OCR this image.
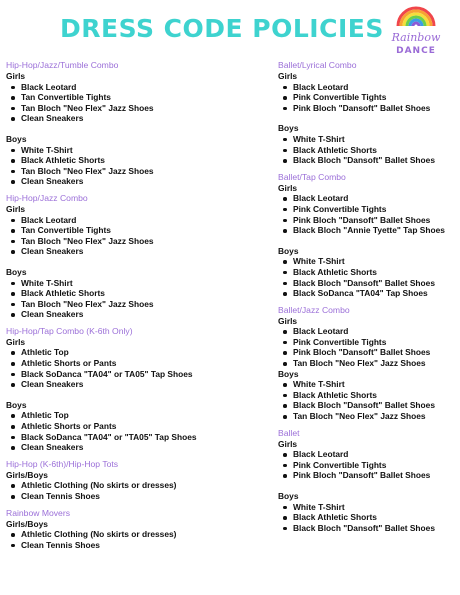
DRESS CODE POLICIES Rainbow
DANCE
Hip-Hop/Jazz/Tumble Combo
Girls
Black Leotard
Tan Convertible Tights
Tan Bloch "Neo Flex" Jazz Shoes
Clean Sneakers
Boys
White T-Shirt
Black Athletic Shorts
Tan Bloch "Neo Flex" Jazz Shoes
Clean Sneakers
Hip-Hop/Jazz Combo
Girls
Black Leotard
Tan Convertible Tights
Tan Bloch "Neo Flex" Jazz Shoes
Clean Sneakers
Boys
White T-Shirt
Black Athletic Shorts
Tan Bloch "Neo Flex" Jazz Shoes
Clean Sneakers
Hip-Hop/Tap Combo (K-6th Only)
Girls
Athletic Top
Athletic Shorts or Pants
Black SoDanca "TA04" or TA05" Tap Shoes
Clean Sneakers
Boys
Athletic Top
Athletic Shorts or Pants
Black SoDanca "TA04" or "TA05" Tap Shoes
Clean Sneakers
Hip-Hop (K-6th)/Hip-Hop Tots
Girls/Boys
Athletic Clothing (No skirts or dresses)
Clean Tennis Shoes
Rainbow Movers
Girls/Boys
Athletic Clothing (No skirts or dresses)
Clean Tennis Shoes
Ballet/Lyrical Combo
Girls
Black Leotard
Pink Convertible Tights
Pink Bloch "Dansoft" Ballet Shoes
Boys
White T-Shirt
Black Athletic Shorts
Black Bloch "Dansoft" Ballet Shoes
Ballet/Tap Combo
Girls
Black Leotard
Pink Convertible Tights
Pink Bloch "Dansoft" Ballet Shoes
Black Bloch "Annie Tyette" Tap Shoes
Boys
White T-Shirt
Black Athletic Shorts
Black Bloch "Dansoft" Ballet Shoes
Black SoDanca "TA04" Tap Shoes
Ballet/Jazz Combo
Girls
Black Leotard
Pink Convertible Tights
Pink Bloch "Dansoft" Ballet Shoes
Tan Bloch "Neo Flex" Jazz Shoes
Boys
White T-Shirt
Black Athletic Shorts
Black Bloch "Dansoft" Ballet Shoes
Tan Bloch "Neo Flex" Jazz Shoes
Ballet
Girls
Black Leotard
Pink Convertible Tights
Pink Bloch "Dansoft" Ballet Shoes
Boys
White T-Shirt
Black Athletic Shorts
Black Bloch "Dansoft" Ballet Shoes
